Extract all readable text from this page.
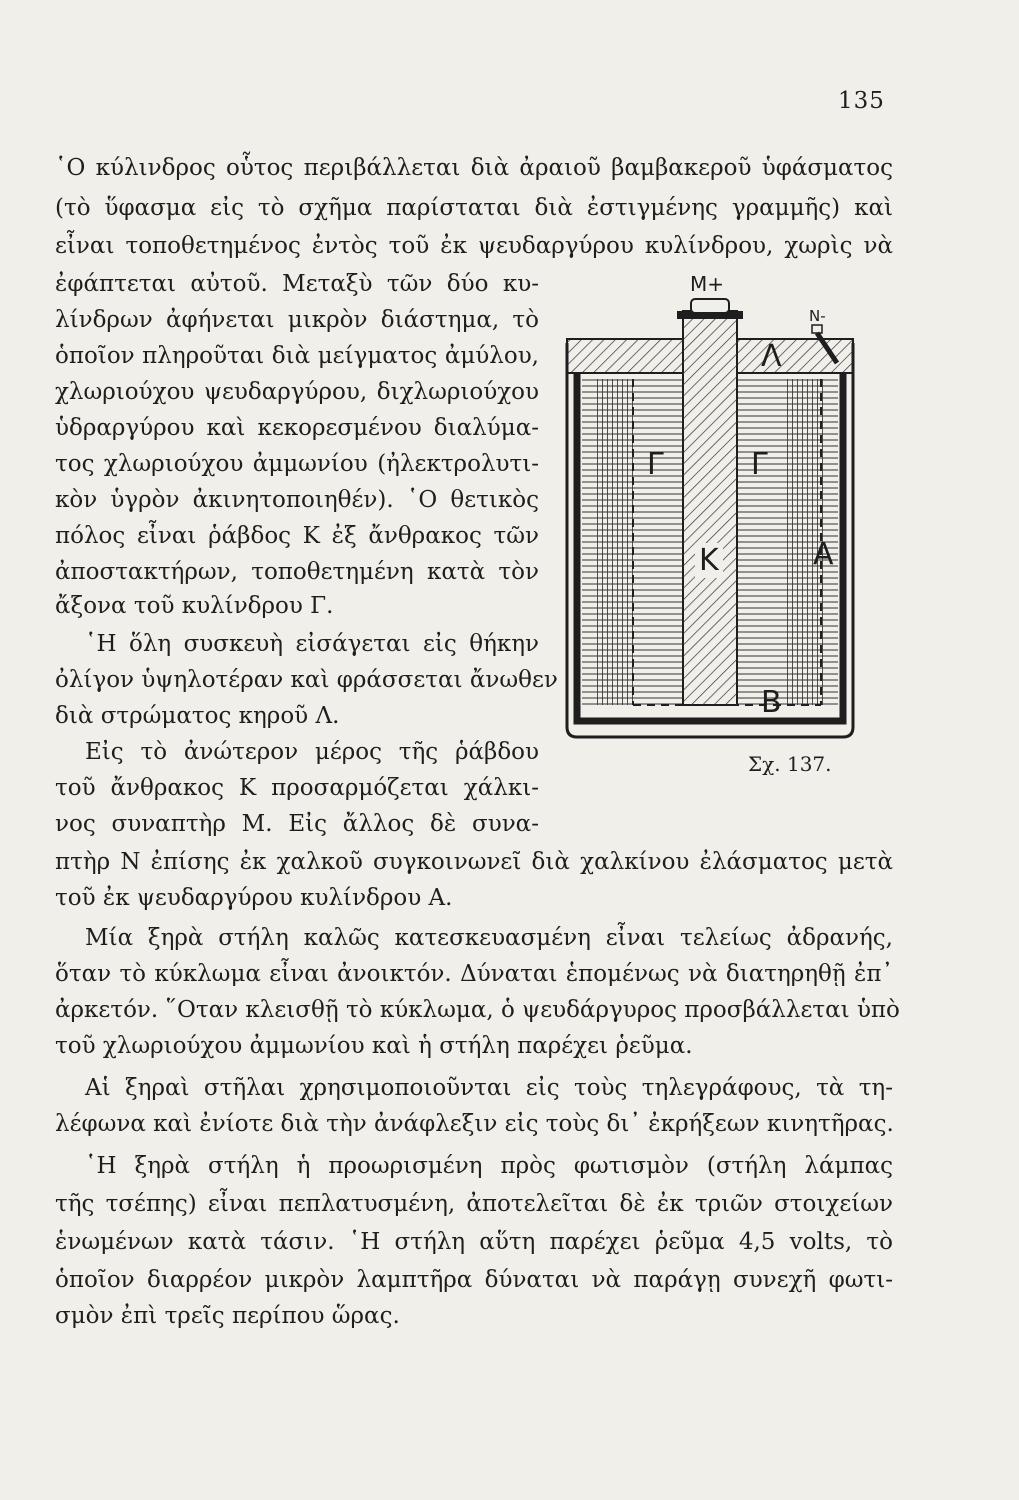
135
῾Ο κύλινδρος οὗτος περιβάλλεται διὰ ἀραιοῦ βαμβακεροῦ ὑφάσματος
(τὸ ὕφασμα εἰς τὸ σχῆμα παρίσταται διὰ ἐστιγμένης γραμμῆς) καὶ
εἶναι τοποθετημένος ἐντὸς τοῦ ἐκ ψευδαργύρου κυλίνδρου, χωρὶς νὰ
ἐφάπτεται αὐτοῦ. Μεταξὺ τῶν δύο κυ-
λίνδρων ἀφήνεται μικρὸν διάστημα, τὸ
ὁποῖον πληροῦται διὰ μείγματος ἀμύλου,
χλωριούχου ψευδαργύρου, διχλωριούχου
ὑδραργύρου καὶ κεκορεσμένου διαλύμα-
τος χλωριούχου ἀμμωνίου (ἠλεκτρολυτι-
κὸν ὑγρὸν ἀκινητοποιηθέν). ῾Ο θετικὸς
πόλος εἶναι ῥάβδος Κ ἐξ ἄνθρακος τῶν
ἀποστακτήρων, τοποθετημένη κατὰ τὸν
ἄξονα τοῦ κυλίνδρου Γ.
῾Η ὅλη συσκευὴ εἰσάγεται εἰς θήκην
ὀλίγον ὑψηλοτέραν καὶ φράσσεται ἄνωθεν
διὰ στρώματος κηροῦ Λ.
Εἰς τὸ ἀνώτερον μέρος τῆς ῥάβδου
τοῦ ἄνθρακος Κ προσαρμόζεται χάλκι-
νος συναπτὴρ Μ. Εἰς ἄλλος δὲ συνα-
πτὴρ Ν ἐπίσης ἐκ χαλκοῦ συγκοινωνεῖ διὰ χαλκίνου ἐλάσματος μετὰ
τοῦ ἐκ ψευδαργύρου κυλίνδρου Α.
Μία ξηρὰ στήλη καλῶς κατεσκευασμένη εἶναι τελείως ἀδρανής,
ὅταν τὸ κύκλωμα εἶναι ἀνοικτόν. Δύναται ἑπομένως νὰ διατηρηθῇ ἐπ᾿
ἀρκετόν. ῞Οταν κλεισθῇ τὸ κύκλωμα, ὁ ψευδάργυρος προσβάλλεται ὑπὸ
τοῦ χλωριούχου ἀμμωνίου καὶ ἡ στήλη παρέχει ῥεῦμα.
Αἱ ξηραὶ στῆλαι χρησιμοποιοῦνται εἰς τοὺς τηλεγράφους, τὰ τη-
λέφωνα καὶ ἐνίοτε διὰ τὴν ἀνάφλεξιν εἰς τοὺς δι᾿ ἐκρήξεων κινητῆρας.
῾Η ξηρὰ στήλη ἡ προωρισμένη πρὸς φωτισμὸν (στήλη λάμπας
τῆς τσέπης) εἶναι πεπλατυσμένη, ἀποτελεῖται δὲ ἐκ τριῶν στοιχείων
ἑνωμένων κατὰ τάσιν. ῾Η στήλη αὕτη παρέχει ῥεῦμα 4,5 volts, τὸ
ὁποῖον διαρρέον μικρὸν λαμπτῆρα δύναται νὰ παράγῃ συνεχῆ φωτι-
σμὸν ἐπὶ τρεῖς περίπου ὥρας.
M+
N-
Λ
Γ	Γ
K	A
B
Σχ. 137.
